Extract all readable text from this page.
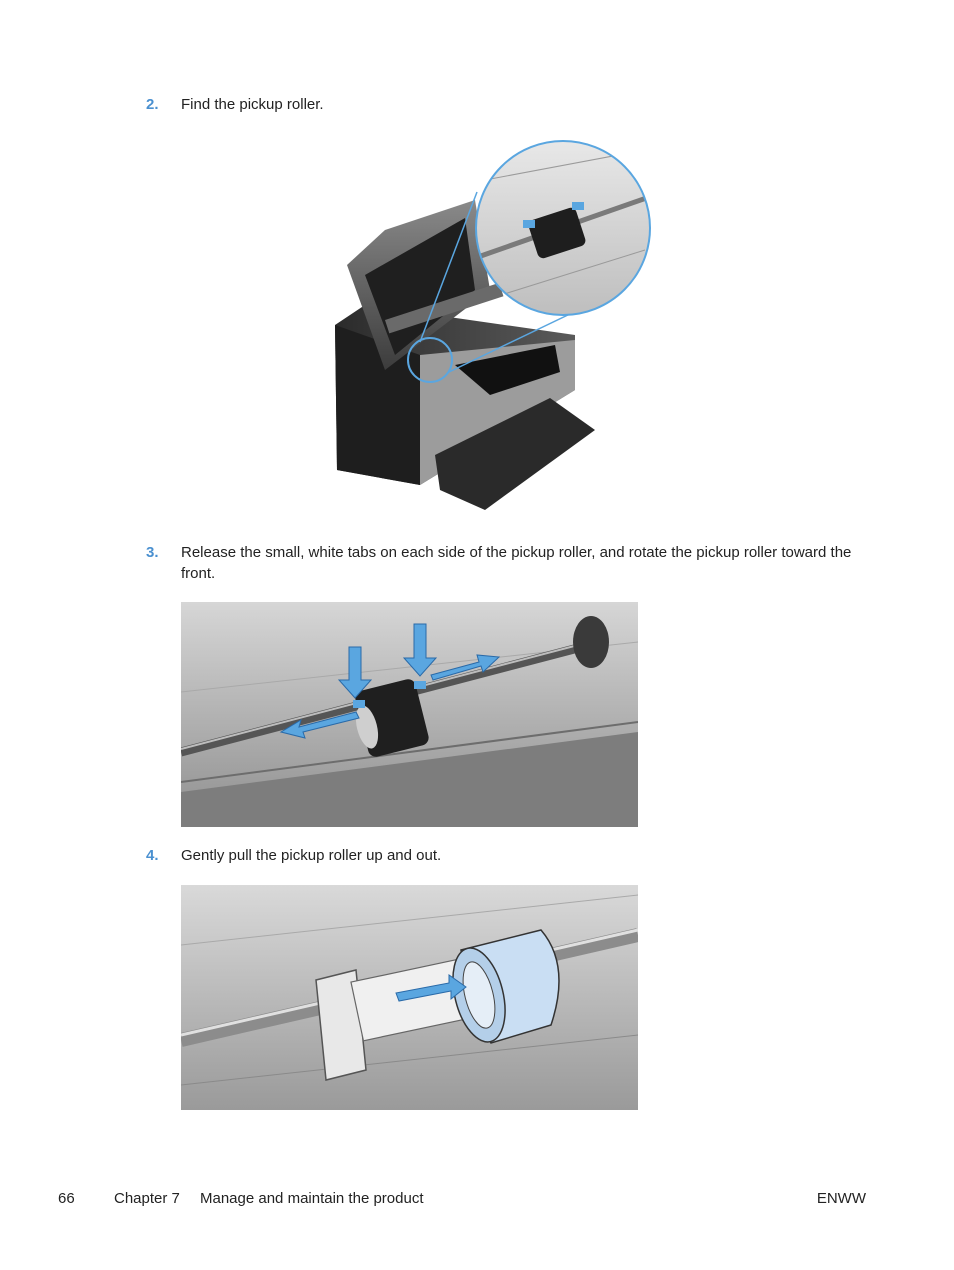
2.	Find the pickup roller.
3.	Release the small, white tabs on each side of the pickup roller, and rotate the pickup roller toward the front.
4.	Gently pull the pickup roller up and out.
66	Chapter 7 Manage and maintain the product	ENWW
